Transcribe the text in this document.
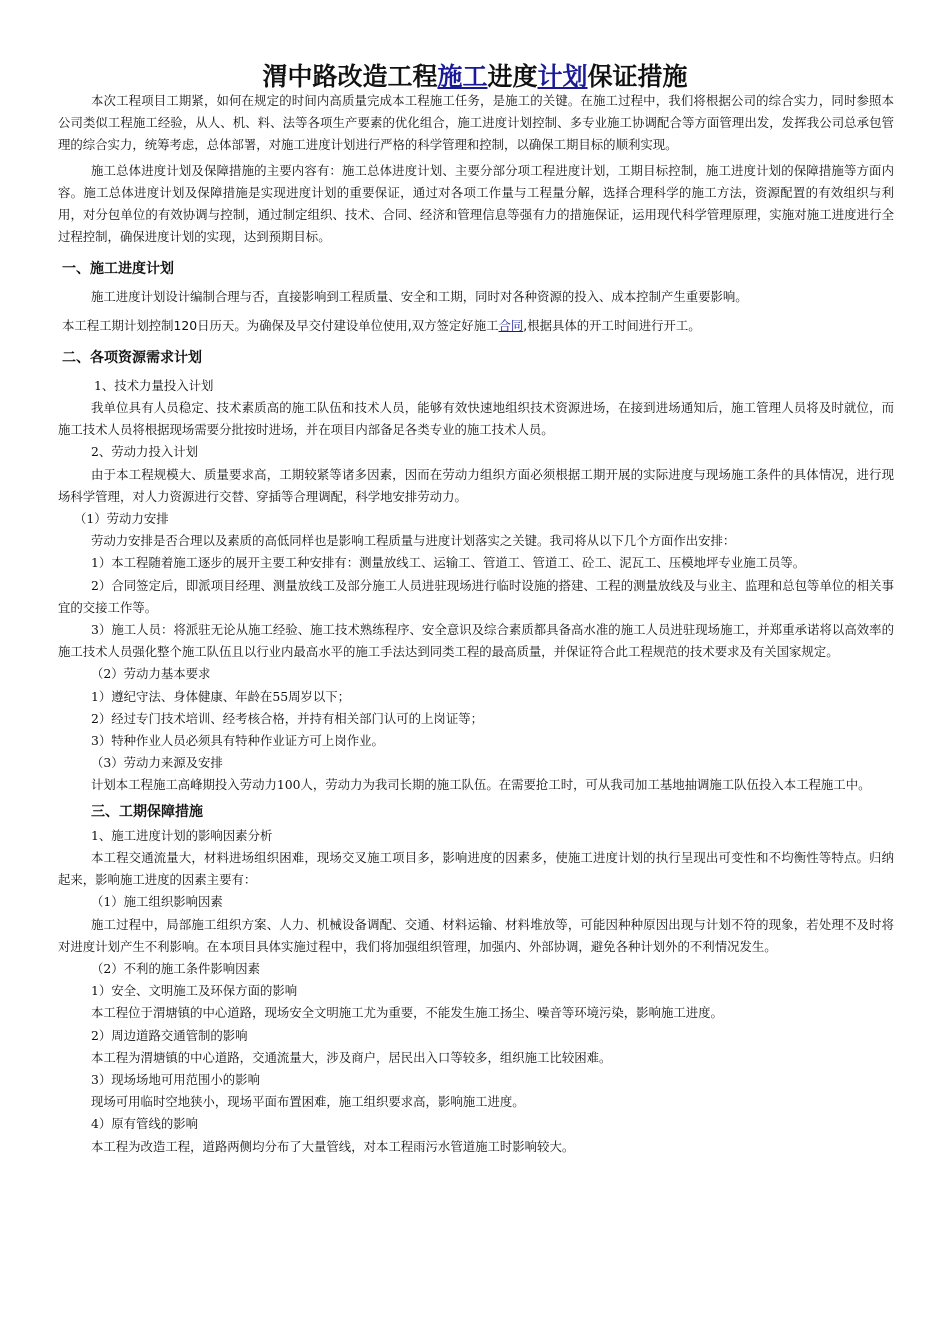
渭中路改造工程施工进度计划保证措施

本次工程项目工期紧，如何在规定的时间内高质量完成本工程施工任务，是施工的关键。在施工过程中，我们将根据公司的综合实力，同时参照本公司类似工程施工经验，从人、机、料、法等各项生产要素的优化组合，施工进度计划控制、多专业施工协调配合等方面管理出发，发挥我公司总承包管理的综合实力，统筹考虑，总体部署，对施工进度计划进行严格的科学管理和控制，以确保工期目标的顺利实现。

施工总体进度计划及保障措施的主要内容有：施工总体进度计划、主要分部分项工程进度计划，工期目标控制，施工进度计划的保障措施等方面内容。施工总体进度计划及保障措施是实现进度计划的重要保证，通过对各项工作量与工程量分解，选择合理科学的施工方法，资源配置的有效组织与利用，对分包单位的有效协调与控制，通过制定组织、技术、合同、经济和管理信息等强有力的措施保证，运用现代科学管理原理，实施对施工进度进行全过程控制，确保进度计划的实现，达到预期目标。

一、施工进度计划

施工进度计划设计编制合理与否，直接影响到工程质量、安全和工期，同时对各种资源的投入、成本控制产生重要影响。

本工程工期计划控制120日历天。为确保及早交付建设单位使用,双方签定好施工合同,根据具体的开工时间进行开工。

二、各项资源需求计划

1、技术力量投入计划

我单位具有人员稳定、技术素质高的施工队伍和技术人员，能够有效快速地组织技术资源进场，在接到进场通知后，施工管理人员将及时就位，而施工技术人员将根据现场需要分批按时进场，并在项目内部备足各类专业的施工技术人员。

2、劳动力投入计划

由于本工程规模大、质量要求高，工期较紧等诸多因素，因而在劳动力组织方面必须根据工期开展的实际进度与现场施工条件的具体情况，进行现场科学管理，对人力资源进行交替、穿插等合理调配，科学地安排劳动力。

（1）劳动力安排

劳动力安排是否合理以及素质的高低同样也是影响工程质量与进度计划落实之关键。我司将从以下几个方面作出安排：

1）本工程随着施工逐步的展开主要工种安排有：测量放线工、运输工、管道工、管道工、砼工、泥瓦工、压模地坪专业施工员等。

2）合同签定后，即派项目经理、测量放线工及部分施工人员进驻现场进行临时设施的搭建、工程的测量放线及与业主、监理和总包等单位的相关事宜的交接工作等。

3）施工人员：将派驻无论从施工经验、施工技术熟练程序、安全意识及综合素质都具备高水准的施工人员进驻现场施工，并郑重承诺将以高效率的施工技术人员强化整个施工队伍且以行业内最高水平的施工手法达到同类工程的最高质量，并保证符合此工程规范的技术要求及有关国家规定。

（2）劳动力基本要求

1）遵纪守法、身体健康、年龄在55周岁以下；

2）经过专门技术培训、经考核合格，并持有相关部门认可的上岗证等；

3）特种作业人员必须具有特种作业证方可上岗作业。

（3）劳动力来源及安排

计划本工程施工高峰期投入劳动力100人，劳动力为我司长期的施工队伍。在需要抢工时，可从我司加工基地抽调施工队伍投入本工程施工中。

三、工期保障措施

1、施工进度计划的影响因素分析

本工程交通流量大，材料进场组织困难，现场交叉施工项目多，影响进度的因素多，使施工进度计划的执行呈现出可变性和不均衡性等特点。归纳起来，影响施工进度的因素主要有：

（1）施工组织影响因素

施工过程中，局部施工组织方案、人力、机械设备调配、交通、材料运输、材料堆放等，可能因种种原因出现与计划不符的现象，若处理不及时将对进度计划产生不利影响。在本项目具体实施过程中，我们将加强组织管理，加强内、外部协调，避免各种计划外的不利情况发生。

（2）不利的施工条件影响因素

1）安全、文明施工及环保方面的影响

本工程位于渭塘镇的中心道路，现场安全文明施工尤为重要，不能发生施工扬尘、噪音等环境污染，影响施工进度。

2）周边道路交通管制的影响

本工程为渭塘镇的中心道路，交通流量大，涉及商户，居民出入口等较多，组织施工比较困难。

3）现场场地可用范围小的影响

现场可用临时空地狭小，现场平面布置困难，施工组织要求高，影响施工进度。

4）原有管线的影响

本工程为改造工程，道路两侧均分布了大量管线，对本工程雨污水管道施工时影响较大。
